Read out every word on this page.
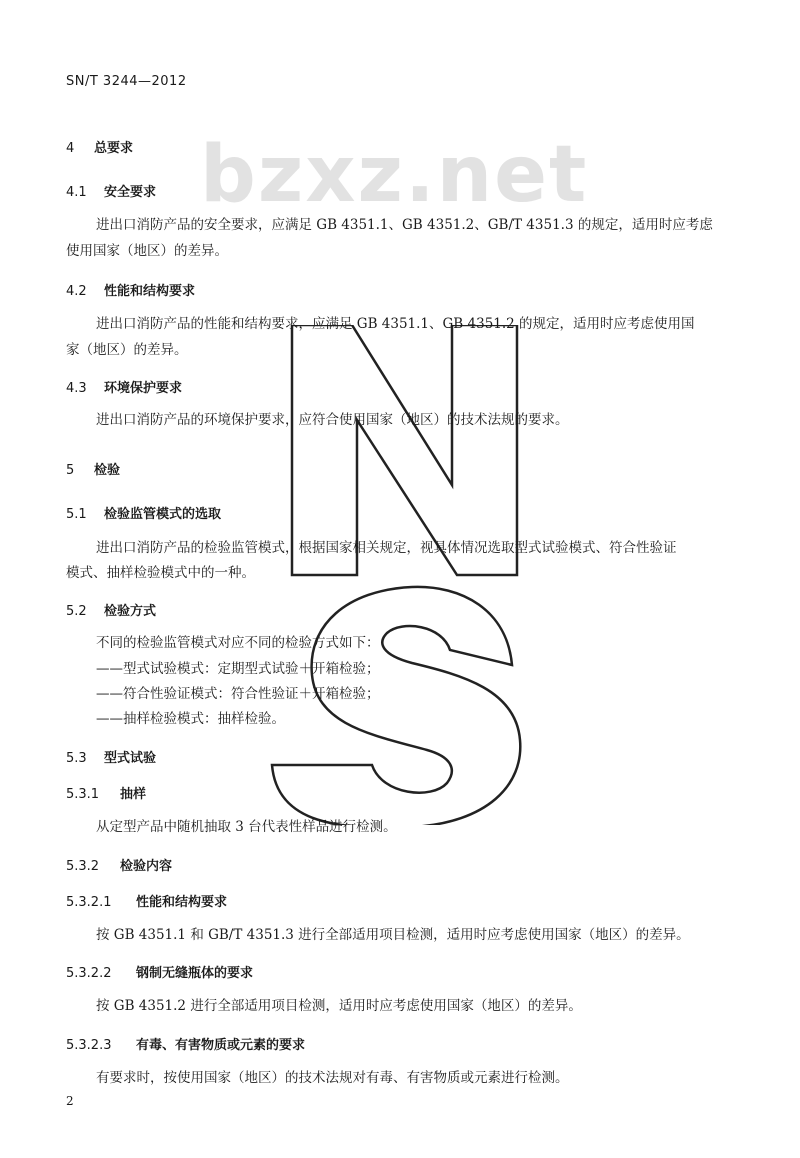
SN/T 3244—2012
bzxz.net
4 总要求
4.1 安全要求
进出口消防产品的安全要求，应满足 GB 4351.1、GB 4351.2、GB/T 4351.3 的规定，适用时应考虑
使用国家（地区）的差异。
4.2 性能和结构要求
进出口消防产品的性能和结构要求，应满足 GB 4351.1、GB 4351.2 的规定，适用时应考虑使用国
家（地区）的差异。
4.3 环境保护要求
进出口消防产品的环境保护要求，应符合使用国家（地区）的技术法规的要求。
5 检验
5.1 检验监管模式的选取
进出口消防产品的检验监管模式，根据国家相关规定，视具体情况选取型式试验模式、符合性验证
模式、抽样检验模式中的一种。
5.2 检验方式
不同的检验监管模式对应不同的检验方式如下：
——型式试验模式：定期型式试验＋开箱检验；
——符合性验证模式：符合性验证＋开箱检验；
——抽样检验模式：抽样检验。
5.3 型式试验
5.3.1 抽样
从定型产品中随机抽取 3 台代表性样品进行检测。
5.3.2 检验内容
5.3.2.1 性能和结构要求
按 GB 4351.1 和 GB/T 4351.3 进行全部适用项目检测，适用时应考虑使用国家（地区）的差异。
5.3.2.2 钢制无缝瓶体的要求
按 GB 4351.2 进行全部适用项目检测，适用时应考虑使用国家（地区）的差异。
5.3.2.3 有毒、有害物质或元素的要求
有要求时，按使用国家（地区）的技术法规对有毒、有害物质或元素进行检测。
2
